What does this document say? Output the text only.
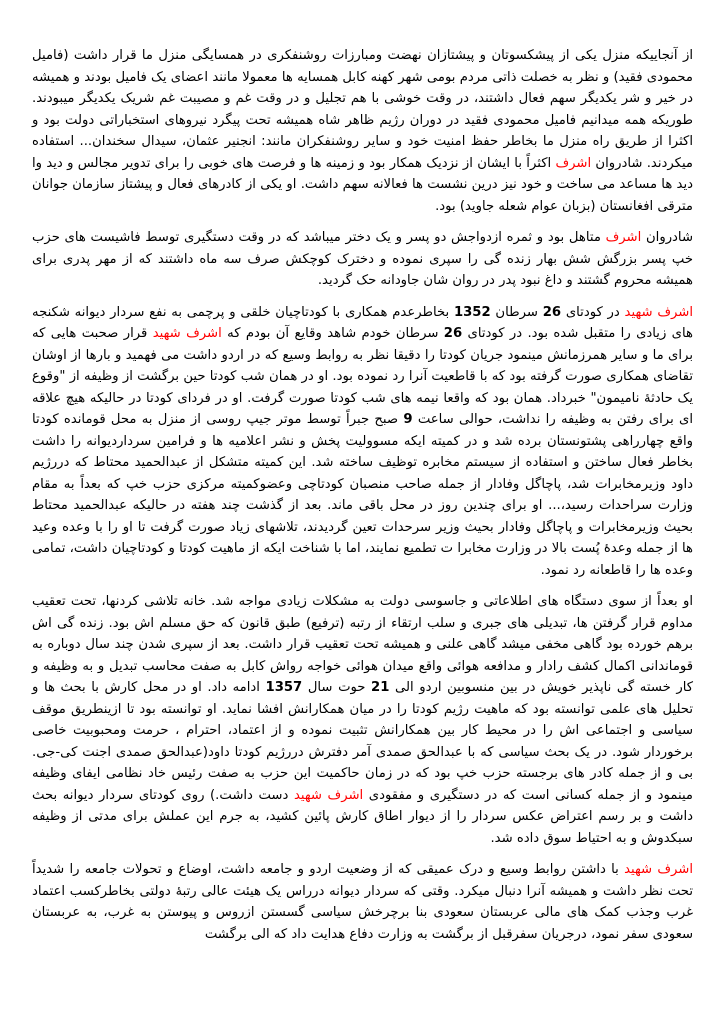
از آنجاییکه منزل یکی از پیشکسوتان و پیشتازان نهضت ومبارزات روشنفکری در همسایگی منزل ما قرار داشت (فامیل محمودی فقید) و نظر به خصلت ذاتی مردم بومی شهر کهنه کابل همسایه ها معمولا مانند اعضای یک فامیل بودند و همیشه در خیر و شر یکدیگر سهم فعال داشتند، در وقت خوشی با هم تجلیل و در وقت غم و مصیبت غم شریک یکدیگر میبودند. طوریکه همه میدانیم فامیل محمودی فقید در دوران رژیم ظاهر شاه همیشه تحت پیگرد نیروهای استخباراتی دولت بود و اکثرا از طریق راه منزل ما بخاطر حفظ امنیت خود و سایر روشنفکران مانند: انجنیر عثمان، سیدال سخندان... استفاده میکردند. شادروان اشرف اکثراً با ایشان از نزدیک همکار بود و زمینه ها و فرصت های خوبی را برای تدویر مجالس و دید وا دید ها مساعد می ساخت و خود نیز درین نشست ها فعالانه سهم داشت. او یکی از کادرهای فعال و پیشتاز سازمان جوانان مترقی افغانستان (بزبان عوام شعله جاوید) بود.

شادروان اشرف متاهل بود و ثمره ازدواجش دو پسر و یک دختر میباشد که در وقت دستگیری توسط فاشیست های حزب خپ پسر بزرگش شش بهار زنده گی را سپری نموده و دخترک کوچکش صرف سه ماه داشتند که از مهر پدری برای همیشه محروم گشتند و داغ نبود پدر در روان شان جاودانه حک گردید.

اشرف شهید در کودتای 26 سرطان 1352 بخاطرعدم همکاری با کودتاچیان خلقی و پرچمی به نفع سردار دیوانه شکنجه های زیادی را متقبل شده بود. در کودتای 26 سرطان خودم شاهد وقایع آن بودم که اشرف شهید قرار صحبت هایی که برای ما و سایر همرزمانش مینمود جریان کودتا را دقیقا نظر به روابط وسیع که در اردو داشت می فهمید و بارها از اوشان تقاضای همکاری صورت گرفته بود که با قاطعیت آنرا رد نموده بود. او در همان شب کودتا حین برگشت از وظیفه از "وقوع یک حادثهٔ نامیمون" خبرداد. همان بود که واقعا نیمه های شب کودتا صورت گرفت. او در فردای کودتا در حالیکه هیچ علاقه ای برای رفتن به وظیفه را نداشت، حوالی ساعت 9 صبح جبراً توسط موتر جیپ روسی از منزل به محل قومانده کودتا واقع چهارراهی پشتونستان برده شد و در کمیته ایکه مسوولیت پخش و نشر اعلامیه ها و فرامین سرداردیوانه را داشت بخاطر فعال ساختن و استفاده از سیستم مخابره توظیف ساخته شد. این کمیته متشکل از عبدالحمید محتاط که دررژیم داود وزیرمخابرات شد، پاچاگل وفادار از جمله صاحب منصبان کودتاچی وعضوکمیته مرکزی حزب خپ که بعداً به مقام وزارت سراحدات رسید،... او برای چندین روز در محل باقی ماند. بعد از گذشت چند هفته در حالیکه عبدالحمید محتاط بحیث وزیرمخابرات و پاچاگل وفادار بحیث وزیر سرحدات تعین گردیدند، تلاشهای زیاد صورت گرفت تا او را با وعده وعید ها از جمله وعدهٔ پُست بالا در وزارت مخابرا ت تطمیع نمایند، اما با شناخت ایکه از ماهیت کودتا و کودتاچیان داشت، تمامی وعده ها را قاطعانه رد نمود.

او بعداً از سوی دستگاه های اطلاعاتی و جاسوسی دولت به مشکلات زیادی مواجه شد. خانه تلاشی کردنها، تحت تعقیب مداوم قرار گرفتن ها، تبدیلی های جبری و سلب ارتقاء از رتبه (ترفیع) طبق قانون که حق مسلم اش بود. زنده گی اش برهم خورده بود گاهی مخفی میشد گاهی علنی و همیشه تحت تعقیب قرار داشت. بعد از سپری شدن چند سال دوباره به قوماندانی اکمال کشف رادار و مدافعه هوائی واقع میدان هوائی خواجه رواش کابل به صفت محاسب تبدیل و به وظیفه و کار خسته گی ناپذیر خویش در بین منسوبین اردو الی 21 حوت سال 1357 ادامه داد. او در محل کارش با بحث ها و تحلیل های علمی توانسته بود که ماهیت رژیم کودتا را در میان همکارانش افشا نماید. او توانسته بود تا ازینطریق موقف سیاسی و اجتماعی اش را در محیط کار بین همکارانش تثبیت نموده و از اعتماد، احترام ، حرمت ومحبوبیت خاصی برخوردار شود. در یک بحث سیاسی که با عبدالحق صمدی آمر دفترش دررژیم کودتا داود(عبدالحق صمدی اجنت کی-جی. بی و از جمله کادر های برجسته حزب خپ بود که در زمان حاکمیت این حزب به صفت رئیس خاد نظامی ایفای وظیفه مینمود و از جمله کسانی است که در دستگیری و مفقودی اشرف شهید دست داشت.) روی کودتای سردار دیوانه بحث داشت و بر رسم اعتراض عکس سردار را از دیوار اطاق کارش پائین کشید، به جرم این عملش برای مدتی از وظیفه سبکدوش و به احتیاط سوق داده شد.

اشرف شهید با داشتن روابط وسیع و درک عمیقی که از وضعیت اردو و جامعه داشت، اوضاع و تحولات جامعه را شدیداً تحت نظر داشت و همیشه آنرا دنبال میکرد. وقتی که سردار دیوانه درراس یک هیئت عالی رتبهٔ دولتی بخاطرکسب اعتماد غرب وجذب کمک های مالی عربستان سعودی بنا برچرخش سیاسی گسستن ازروس و پیوستن به غرب، به عربستان سعودی سفر نمود، درجریان سفرقبل از برگشت به وزارت دفاع هدایت داد که الی برگشت
